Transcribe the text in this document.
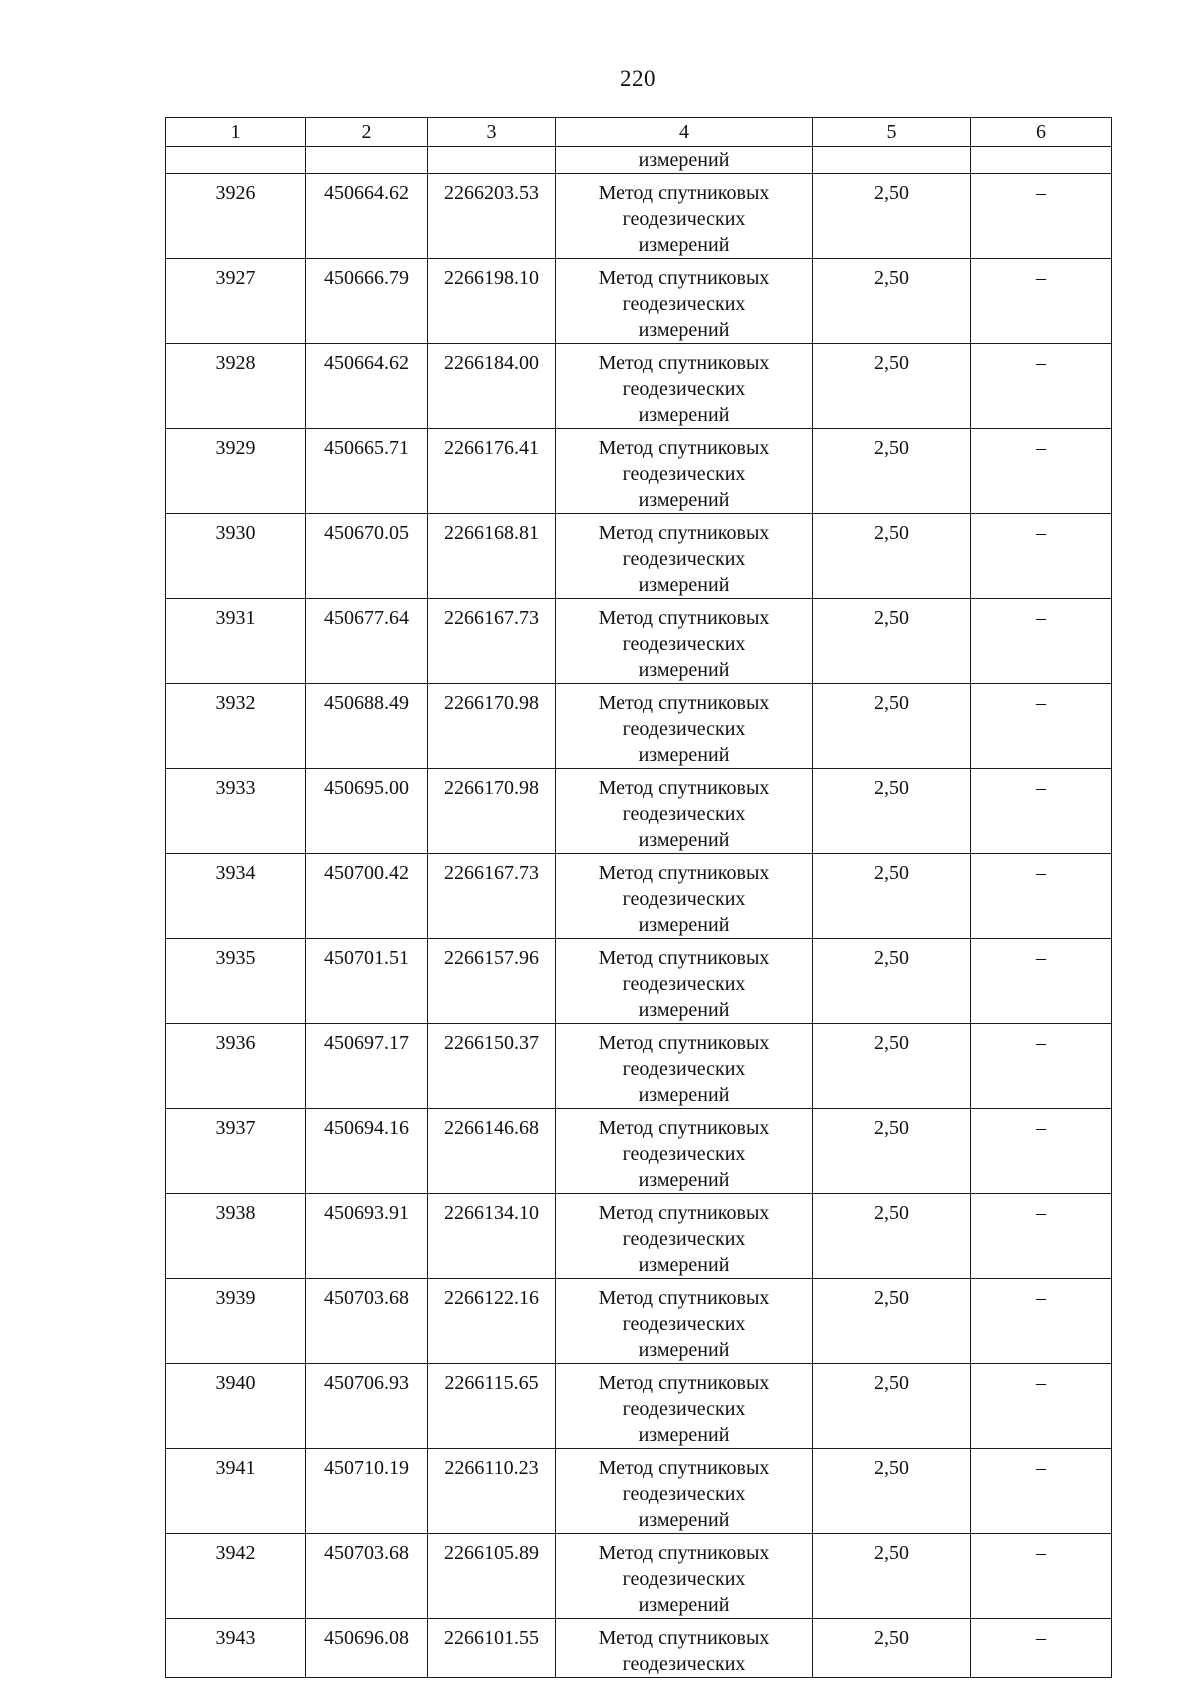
220
1	2	3	4	5	6
			измерений		
3926	450664.62	2266203.53	Метод спутниковых
геодезических
измерений	2,50	–
3927	450666.79	2266198.10	Метод спутниковых
геодезических
измерений	2,50	–
3928	450664.62	2266184.00	Метод спутниковых
геодезических
измерений	2,50	–
3929	450665.71	2266176.41	Метод спутниковых
геодезических
измерений	2,50	–
3930	450670.05	2266168.81	Метод спутниковых
геодезических
измерений	2,50	–
3931	450677.64	2266167.73	Метод спутниковых
геодезических
измерений	2,50	–
3932	450688.49	2266170.98	Метод спутниковых
геодезических
измерений	2,50	–
3933	450695.00	2266170.98	Метод спутниковых
геодезических
измерений	2,50	–
3934	450700.42	2266167.73	Метод спутниковых
геодезических
измерений	2,50	–
3935	450701.51	2266157.96	Метод спутниковых
геодезических
измерений	2,50	–
3936	450697.17	2266150.37	Метод спутниковых
геодезических
измерений	2,50	–
3937	450694.16	2266146.68	Метод спутниковых
геодезических
измерений	2,50	–
3938	450693.91	2266134.10	Метод спутниковых
геодезических
измерений	2,50	–
3939	450703.68	2266122.16	Метод спутниковых
геодезических
измерений	2,50	–
3940	450706.93	2266115.65	Метод спутниковых
геодезических
измерений	2,50	–
3941	450710.19	2266110.23	Метод спутниковых
геодезических
измерений	2,50	–
3942	450703.68	2266105.89	Метод спутниковых
геодезических
измерений	2,50	–
3943	450696.08	2266101.55	Метод спутниковых
геодезических	2,50	–
